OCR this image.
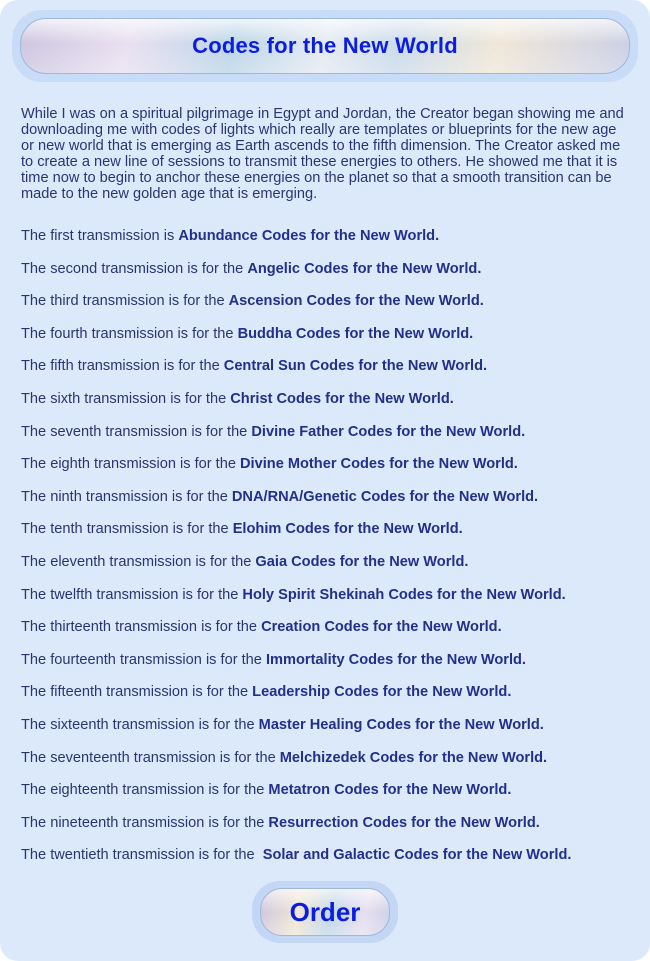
Codes for the New World

While I was on a spiritual pilgrimage in Egypt and Jordan, the Creator began showing me and downloading me with codes of lights which really are templates or blueprints for the new age or new world that is emerging as Earth ascends to the fifth dimension. The Creator asked me to create a new line of sessions to transmit these energies to others. He showed me that it is time now to begin to anchor these energies on the planet so that a smooth transition can be made to the new golden age that is emerging.

The first transmission is Abundance Codes for the New World.
The second transmission is for the Angelic Codes for the New World.
The third transmission is for the Ascension Codes for the New World.
The fourth transmission is for the Buddha Codes for the New World.
The fifth transmission is for the Central Sun Codes for the New World.
The sixth transmission is for the Christ Codes for the New World.
The seventh transmission is for the Divine Father Codes for the New World.
The eighth transmission is for the Divine Mother Codes for the New World.
The ninth transmission is for the DNA/RNA/Genetic Codes for the New World.
The tenth transmission is for the Elohim Codes for the New World.
The eleventh transmission is for the Gaia Codes for the New World.
The twelfth transmission is for the Holy Spirit Shekinah Codes for the New World.
The thirteenth transmission is for the Creation Codes for the New World.
The fourteenth transmission is for the Immortality Codes for the New World.
The fifteenth transmission is for the Leadership Codes for the New World.
The sixteenth transmission is for the Master Healing Codes for the New World.
The seventeenth transmission is for the Melchizedek Codes for the New World.
The eighteenth transmission is for the Metatron Codes for the New World.
The nineteenth transmission is for the Resurrection Codes for the New World.
The twentieth transmission is for the  Solar and Galactic Codes for the New World.
Order
